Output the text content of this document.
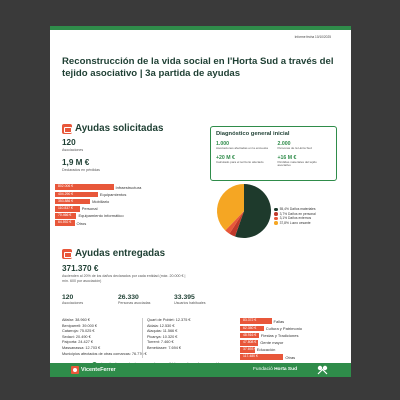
Informe fecha 10/10/2025
Reconstrucción de la vida social en l'Horta Sud a través del tejido asociativo | 3a partida de ayudas
Ayudas solicitadas
120
Asociaciones
1,9 M €
Declarados en pérdidas
802.006 €	Infraestructura
404.290 €	Equipamientos
353.886 €	Mobiliario
110.837 €	Personal
70.466 €	Equipamiento informático
64.592 €	Otros
Diagnóstico general inicial
1.000
Asociaciones afectadas en la encuesta
2.000
Personas de la Horta Sud
+20 M €
Calculado para el territorio afectado
+16 M €
Pérdidas materiales del tejido asociativo
55,4% Daños materiales
3,7% Daños en personal
3,1% Daños externos
37,8% Lucro cesante
Ayudas entregadas
371.370 €
Ascienden al 20% de los daños declarados por cada entidad (máx. 20.000 € | mín. 600 por asociación)
120
Asociaciones
26.330
Personas asociadas
33.395
Usuarios habituales
Alfafar: 38.960 €
Beniparrell: 39.000 €
Catarroja: 75.025 €
Sedaví: 20.490 €
Paiporta: 24.427 €
Massanassa: 12.703 €
Municipios afectados de otras comarcas: 76.776 €
Quart de Poblet: 12.375 €
Aldaia: 12.530 €
Alaquàs: 11.566 €
Picanya: 10.320 €
Torrent: 7.460 €
Benetússer: 7.694 €
83.372 €	Fallas
62.350 €	Cultura y Patrimonio
48.916 €	Fiestas y Tradiciones
47.808 € Gente mayor
37.693 € Educación
117.480 €	Otras
VicenteFerrer	Fundació Horta Sud
